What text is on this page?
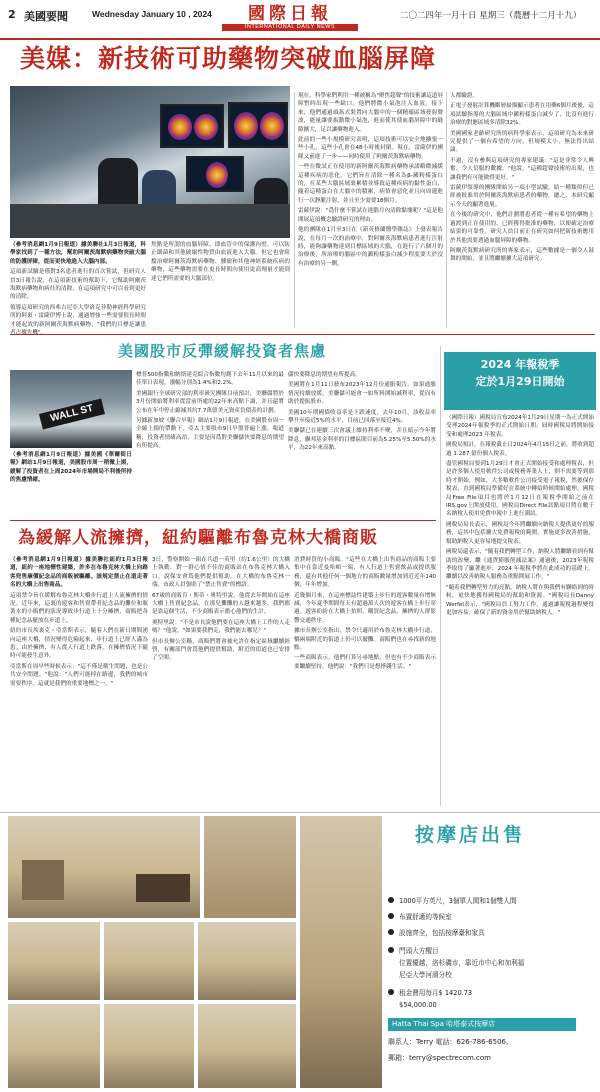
2 美國要聞	Wednesday January 10 , 2024	國際日報
INTERNATIONAL DAILY NEWS
二〇二四年一月十日 星期三（農曆十二月十九）
美媒：新技術可助藥物突破血腦屏障

（參考消息網1月9日報道）據美聯社1月3日報道，科學家找到了一種方法，幫助阿爾茨海默病藥物突破大腦的防護屏障，從而更快地進入大腦內部。

這項新試驗是僅對3名患者進行的首次嘗試，但研究人員3日報告說，在這項新技術的幫助下，它幫助阿爾茨海默病藥物和病灶的清除，在這項研究中可以看到更好的清除。

領導這項研究的西弗吉尼亞大學洛克菲勒神經科學研究所的阿裏・雷薩伊博士說，通過增強一些需要很長時間才能起效的新阿爾茨海默病藥物，"我們的目標是讓患者占據先機"。

焦點是所謂的血腦屏障。即血管中的保護內壁，可以防止細菌和其他破壞性物質由血液進入大腦。但它也會阻擋治療阿爾茨海默病藥物、腫瘤和其他神經系統疾病的藥物，這些藥物需要在更長時間內使用更高劑量才能到達它們所需要的大腦部位。

現在，科學家們利用一種被稱為"聚焦超聲"的技術讓這道屏障暫時出現一些缺口。他們將微小氣泡注入血液。接下來，他們通過頭盔式裝置向大腦中的一個精確區域發射聲波，能量讓要振動微小氣泡，進而使其使血腦屏障中的縫隙擴大，足以讓藥物進入。

此前的一些小規模研究表明，這項技術可以安全地擴張一些小孔，這些小孔會在48小時後封閉。現在，雷薩伊的團隊又前進了一步——同時使用了阿爾茨海默病藥物。

一些在微試正在使用的新阿爾茨海默病藥物承諾略微減緩這種疾病的惡化。它們旨在清除一種名為β-澱粉樣蛋白的，在某些大腦區域裏累積並導致這種疾病的黏性蛋白，隨着這種蛋白在大腦中的積累，病情會惡化並且向周邊進行一次靜脈注射，並且至少需要18個月。

雷薩伊說："爲什麼不嘗試在進腦月內清除黏塊呢？"這是他開展這項概念驗證研究的理由。

他的團隊在1月至3日在《新英格蘭醫學雜誌》上發表報告說，在每月一次的治療中，對阿爾茨海默病患者進行注射時，能夠讓藥物達到目標區域的大腦，在進行了六個月的治療後，所治療的腦區中的澱粉樣蛋白減少程度要大於沒有治療的另一側。

人都驗證。

正電子發射計算機斷層掃描顯示患者在用藥6個月後後，這項試驗指導的大腦區域中澱粉樣蛋白減少了，比沒有進行治療的對應區域多清除32%。

美國國家老齡研究所的病科學家表示，這項研究為未來研究提供了一個有希望的方向，但規模太小，無法得出結論。

不過，沒有參與這項研究的專家建議："這是非常令人興奮、令人信服的數據。"他說，"這種超聲技術的出現，也讓我們有可能做得更好。"

雷薩伊領導的團隊開始另一項小型試驗，給一種類似但已經被批准用於阿爾茨海默病患者的藥物。總之，本研究顯示今天的顯著進展。

在今後的研究中，他們計劃將患者從一種有希望的藥物上過渡到正在使用的、已經獲得批准的藥物，以便確定治療結果的可靠性。研究人員目前正在研究如何把新技術應用於其他需要透過血腦屏障的藥物。

阿爾茨海默病研究所的專家表示，這些數據是一個令人鼓舞的開始，並且將繼續擴大這項研究。

美國股市反彈緩解投資者焦慮
WALL ST

（參考消息網1月9日報道）據美國《華爾街日報》網站1月9日報道，美國股市周一稍微上揚，緩解了投資者在上周2024年市場開局不利後所持的焦慮情緒。

標普500指數和納斯達克綜合指數均創下去年11月以來的最佳單日表現，漲幅分別為1.4%和2.2%。

美國銀行全球研究部的利率研究團隊目前預計，美聯儲將於3月份開始將利率從當前所處的22年來高點下調，并且還將公布在年中停止縮減其約7.7萬億美元資產負債表的計劃。

另據新加坡《聯合早報》網站1月9日報道，在美國股市周一全線上揚的帶動下，亞太主要股市9日早盤普遍上漲。報道稱，投資者情緒高昂，主要是因爲對美聯儲快要降息的期望有所提高。

儲快要降息的期望有所提高。

美國將在1月11日發布2023年12月份通脹報告。如果通脹情況持續放緩，美聯儲可能會一如所料開始減利率，從而有助於提振股市。

美國10年期國債收益率是下跌速度，去年10月，該收益率攀升至接近5%的水平，目前已回落至接近4%。

美聯儲已在連續三次會議上維持利率不變，并且暗示今年將降息，聯邦基金利率的目標區間目前為5.25%至5.50%的水平，為22年來高點。

2024 年報稅季
定於1月29日開始

（國際日報）國稅局宣布2024年1月29日星期一為正式開始受理2024年報稅季的正式開始日期。屆時國稅局將開始接受和處理2023 年稅表。

國稅局預計，在報稅截止日2024年4月15日之前，將收到超過 1.287 億份個人稅表。

盡管國稅局要到1月29日才會正式開始接受和處理稅表，但是許多個人使用軟件公司或稅務專業人士，則不需要等到那時才開始。例如，大多數軟件公司接受電子報稅，然後保存稅表，直到國稅局準備好在系統中轉給時候開始處理。國稅局Free File項目也將於1月12日在報稅季開始之前在IRS.gov上開放使用。國稅局Direct File試點項目將在數千名納稅人使用免費申報中上進行測試。

國稅局局長表示，國稅局今年將繼續向納稅人提供更好的服務，這其中包括擴大免費報稅的範圍，實施更多改善措施，幫助納稅人更容易地提交稅表。

國稅局還表示，"隨着我們轉型工作，納稅人將繼續看到有幫助的改變，繼《通貨膨脹削減法案》通過後，2023年報稅季取得了顯著進步，2024 年報稅季將在此成功的基礎上。繼續以改善納稅人服務為重點開展工作。"

"隨着我們轉型努力的亮點，納稅人將在與我們有聯絡到的時候，更快地獲得國稅局的幫助和資源。"國稅局長Danny Werfel表示，"國稅局員工努力工作，通過讓報稅過程變得更加容易，確保了新的資金用於幫助納稅人。"

為緩解人流擁擠，紐約驅離布魯克林大橋商販

（參考消息網1月9日報道）據美聯社紐約1月3日報道，紐約一座地標性建築，許多在布魯克林大橋上向路客兜售廉價紀念品的商販被驅離。該規定禁止在道走著名的大橋上出售商品。

這項禁令旨在緩解布魯克林大橋步行道上人流擁擠的情況。近年來，這裏的遊客和售賣帶者紀念品的攤位和瓶裝水的小販們的狀況導致步行道上十分擁擠，商販把各種紀念品擺放在步道上。

紐約市長埃裏克・亞當斯表示，隨着人們在新日期間湧向這座大橋，情況變得危險起來，步行道上已經人滿為患。由於擁擠，有人從人行道上跌落，在擁擠情況下隨時可能發生意外。

亞當斯在周早些時候表示："這不僅是衛生問題，也是公共安全問題。"他說："人們可能掉在路邊，我們的城市需要秩序。這就是我們的重要地標之一。"

3日，警察開始一組在兵道一英里（約1.6公里）的大橋上執勤。對一群心情不佳的商販站在布魯克林大橋入口，說保安會爲他們提供幫助。在大橋的布魯克林一端，市政人員張貼了"禁止售賣"的標語。

67歲的商販肯・斯蒂・奧特里說，他從去年開始在這座大橋上售賣紀念品，在那兒攤攤的人越來越多，我們都是靠這個生活，不少商販表示擔心他們的生計。

奧特里說："不是市長說他們要在這座大橋上工作的人走嗎？"他說，"如果要我們走，我們能去哪兒？"

但市長辦公室稱，商販們將會被允許在指定區域繼續經營，有關部門會爲他們提供幫助，附近的街道也已安排了空間。

消費時買的小商販。"這些在大橋上出售商品的商販主要集中在靠近曼哈頓一端，有人行道上售賣飲品或提供服務，還有其他任何一個地方的商販數量增加到近近年140個，年年增加。

近幾個月來，在這座標誌性建築上步行的遊客數量有增無減，今年夏季期間每天有超過萬人次的遊客在橋上步行穿過。遊客紛紛在大橋上拍照、購買紀念品，擁擠的人群影響交通秩序。

據市長辦公室指出，禁令只適用於布魯克林大橋步行道，橋兩端附近的街道上仍可以擺攤。商販們也在尋找新的地點。

一些商販表示，他們打算另尋地點，但也有不少商販表示要繼續堅持。他們說："我們只是想掙錢生活。"

按摩店出售
1000平方英尺，3個單人間和1個雙人間
布置舒適的等候室
設施齊全，包括按摩臺和家具
門頭大方醒目
位置優越，洛杉磯市，靠近市中心和加利福
尼亞大學河濱分校
租金費用每月$ 1420.73
$54,000.00
Hatta Thai Spa 哈塔泰式按摩店
聯系人：Terry 電話：626-786-6506,
郵箱：terry@spectrecom.com
